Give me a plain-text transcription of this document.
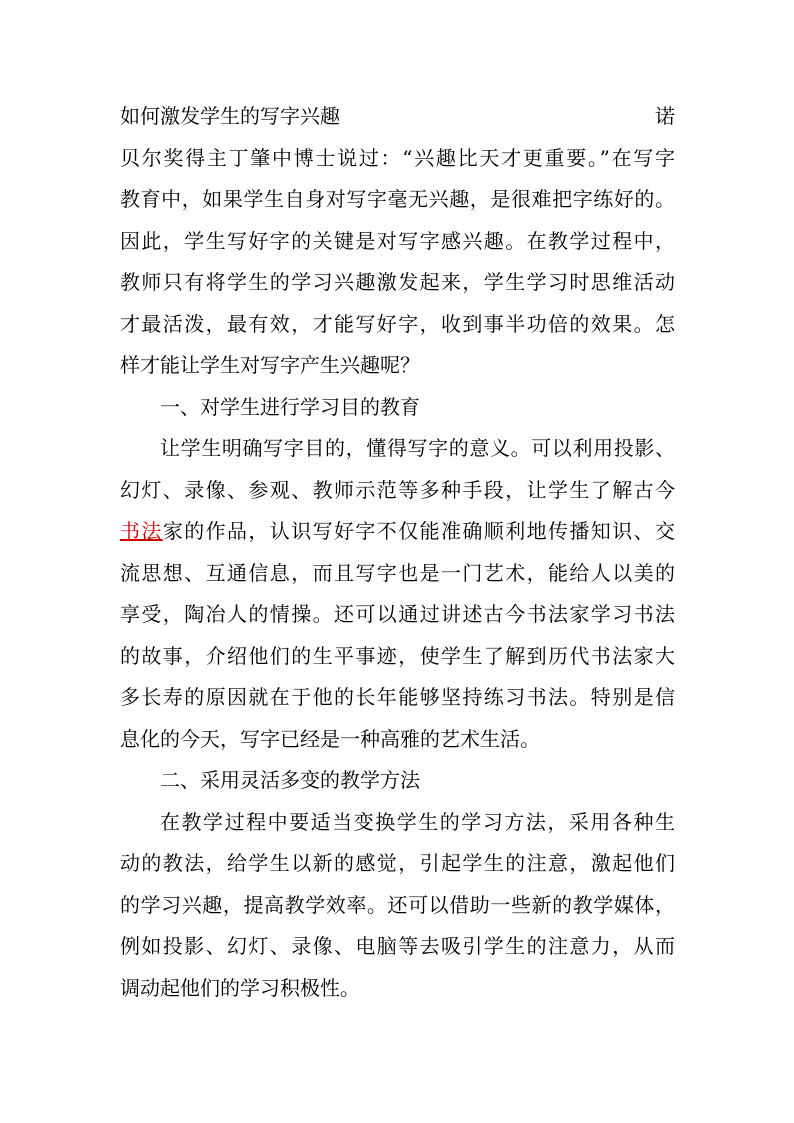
如何激发学生的写字兴趣	诺
贝尔奖得主丁肇中博士说过：“兴趣比天才更重要。”在写字
教育中，如果学生自身对写字毫无兴趣，是很难把字练好的。
因此，学生写好字的关键是对写字感兴趣。在教学过程中，
教师只有将学生的学习兴趣激发起来，学生学习时思维活动
才最活泼，最有效，才能写好字，收到事半功倍的效果。怎
样才能让学生对写字产生兴趣呢？
一、对学生进行学习目的教育
让学生明确写字目的，懂得写字的意义。可以利用投影、
幻灯、录像、参观、教师示范等多种手段，让学生了解古今
书法家的作品，认识写好字不仅能准确顺利地传播知识、交
流思想、互通信息，而且写字也是一门艺术，能给人以美的
享受，陶冶人的情操。还可以通过讲述古今书法家学习书法
的故事，介绍他们的生平事迹，使学生了解到历代书法家大
多长寿的原因就在于他的长年能够坚持练习书法。特别是信
息化的今天，写字已经是一种高雅的艺术生活。
二、采用灵活多变的教学方法
在教学过程中要适当变换学生的学习方法，采用各种生
动的教法，给学生以新的感觉，引起学生的注意，激起他们
的学习兴趣，提高教学效率。还可以借助一些新的教学媒体，
例如投影、幻灯、录像、电脑等去吸引学生的注意力，从而
调动起他们的学习积极性。
